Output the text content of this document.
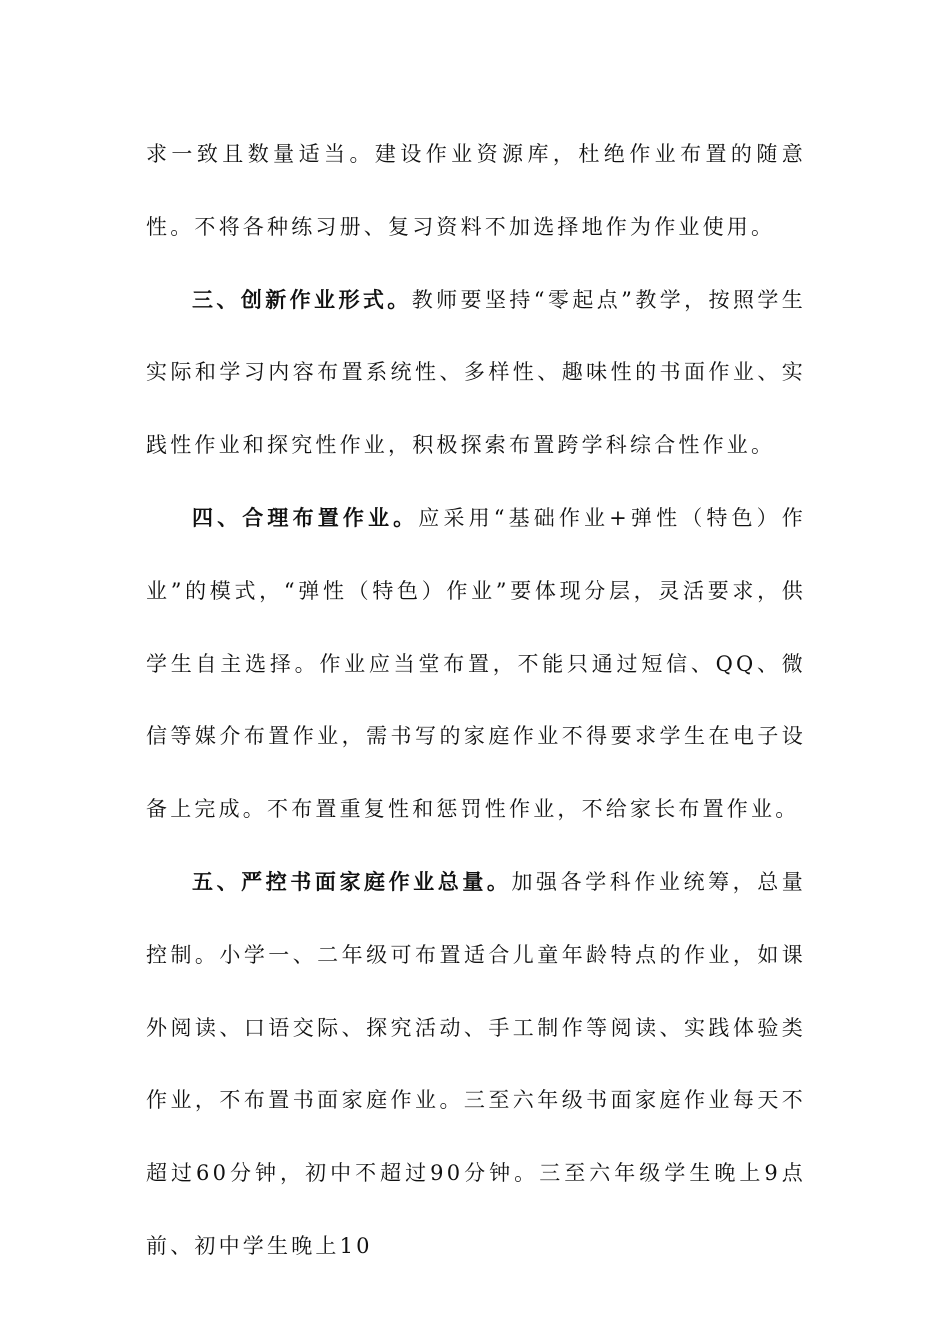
求一致且数量适当。建设作业资源库，杜绝作业布置的随意性。不将各种练习册、复习资料不加选择地作为作业使用。

三、创新作业形式。教师要坚持“零起点”教学，按照学生实际和学习内容布置系统性、多样性、趣味性的书面作业、实践性作业和探究性作业，积极探索布置跨学科综合性作业。

四、合理布置作业。应采用“基础作业+弹性（特色）作业”的模式，“弹性（特色）作业”要体现分层，灵活要求，供学生自主选择。作业应当堂布置，不能只通过短信、QQ、微信等媒介布置作业，需书写的家庭作业不得要求学生在电子设备上完成。不布置重复性和惩罚性作业，不给家长布置作业。

五、严控书面家庭作业总量。加强各学科作业统筹，总量控制。小学一、二年级可布置适合儿童年龄特点的作业，如课外阅读、口语交际、探究活动、手工制作等阅读、实践体验类作业，不布置书面家庭作业。三至六年级书面家庭作业每天不超过60分钟，初中不超过90分钟。三至六年级学生晚上9点前、初中学生晚上10
